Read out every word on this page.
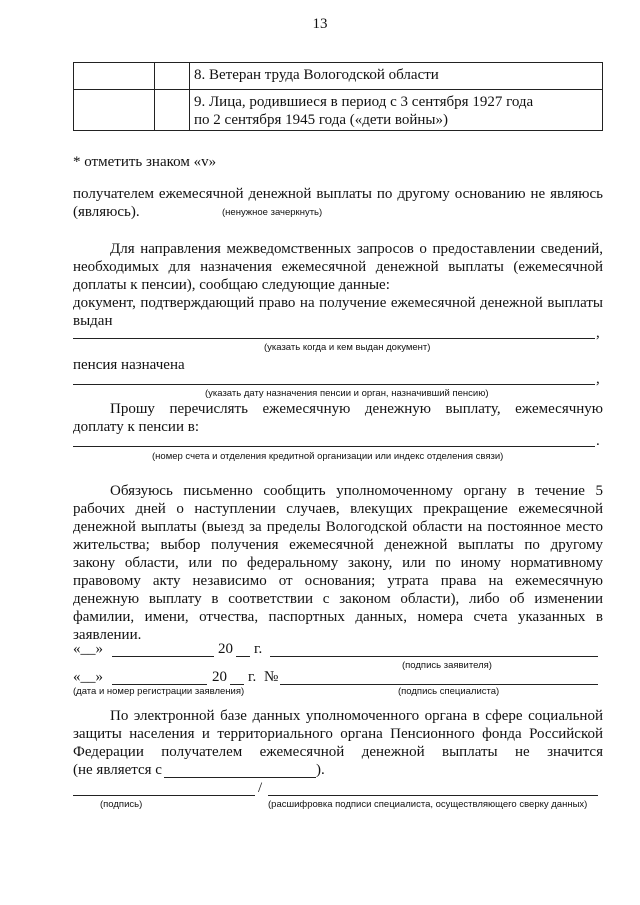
13
		8. Ветеран труда Вологодской области

		9. Лица, родившиеся в период с 3 сентября 1927 года
по 2 сентября 1945 года («дети войны»)
* отметить знаком «v»
получателем ежемесячной денежной выплаты по другому основанию не являюсь
(являюсь).	(ненужное зачеркнуть)
Для направления межведомственных запросов о предоставлении сведений,
необходимых для назначения ежемесячной денежной выплаты (ежемесячной
доплаты к пенсии), сообщаю следующие данные:
документ, подтверждающий право на получение ежемесячной денежной выплаты
выдан
,
(указать когда и кем выдан документ)
пенсия назначена
,
(указать дату назначения пенсии и орган, назначивший пенсию)
Прошу перечислять ежемесячную денежную выплату, ежемесячную
доплату к пенсии в:
.
(номер счета и отделения кредитной организации или индекс отделения связи)
Обязуюсь письменно сообщить уполномоченному органу в течение 5
рабочих дней о наступлении случаев, влекущих прекращение ежемесячной
денежной выплаты (выезд за пределы Вологодской области на постоянное место
жительства; выбор получения ежемесячной денежной выплаты по другому
закону области, или по федеральному закону, или по иному нормативному
правовому акту независимо от основания; утрата права на ежемесячную
денежную выплату в соответствии с законом области), либо об изменении
фамилии, имени, отчества, паспортных данных, номера счета указанных в
заявлении.
«__»	20 г.
(подпись заявителя)
«__»	20 г. №
(дата и номер регистрации заявления)	(подпись специалиста)
По электронной базе данных уполномоченного органа в сфере социальной
защиты населения и территориального органа Пенсионного фонда Российской
Федерации получателем ежемесячной денежной выплаты не значится
(не является с	).
/
(подпись)	(расшифровка подписи специалиста, осуществляющего сверку данных)
